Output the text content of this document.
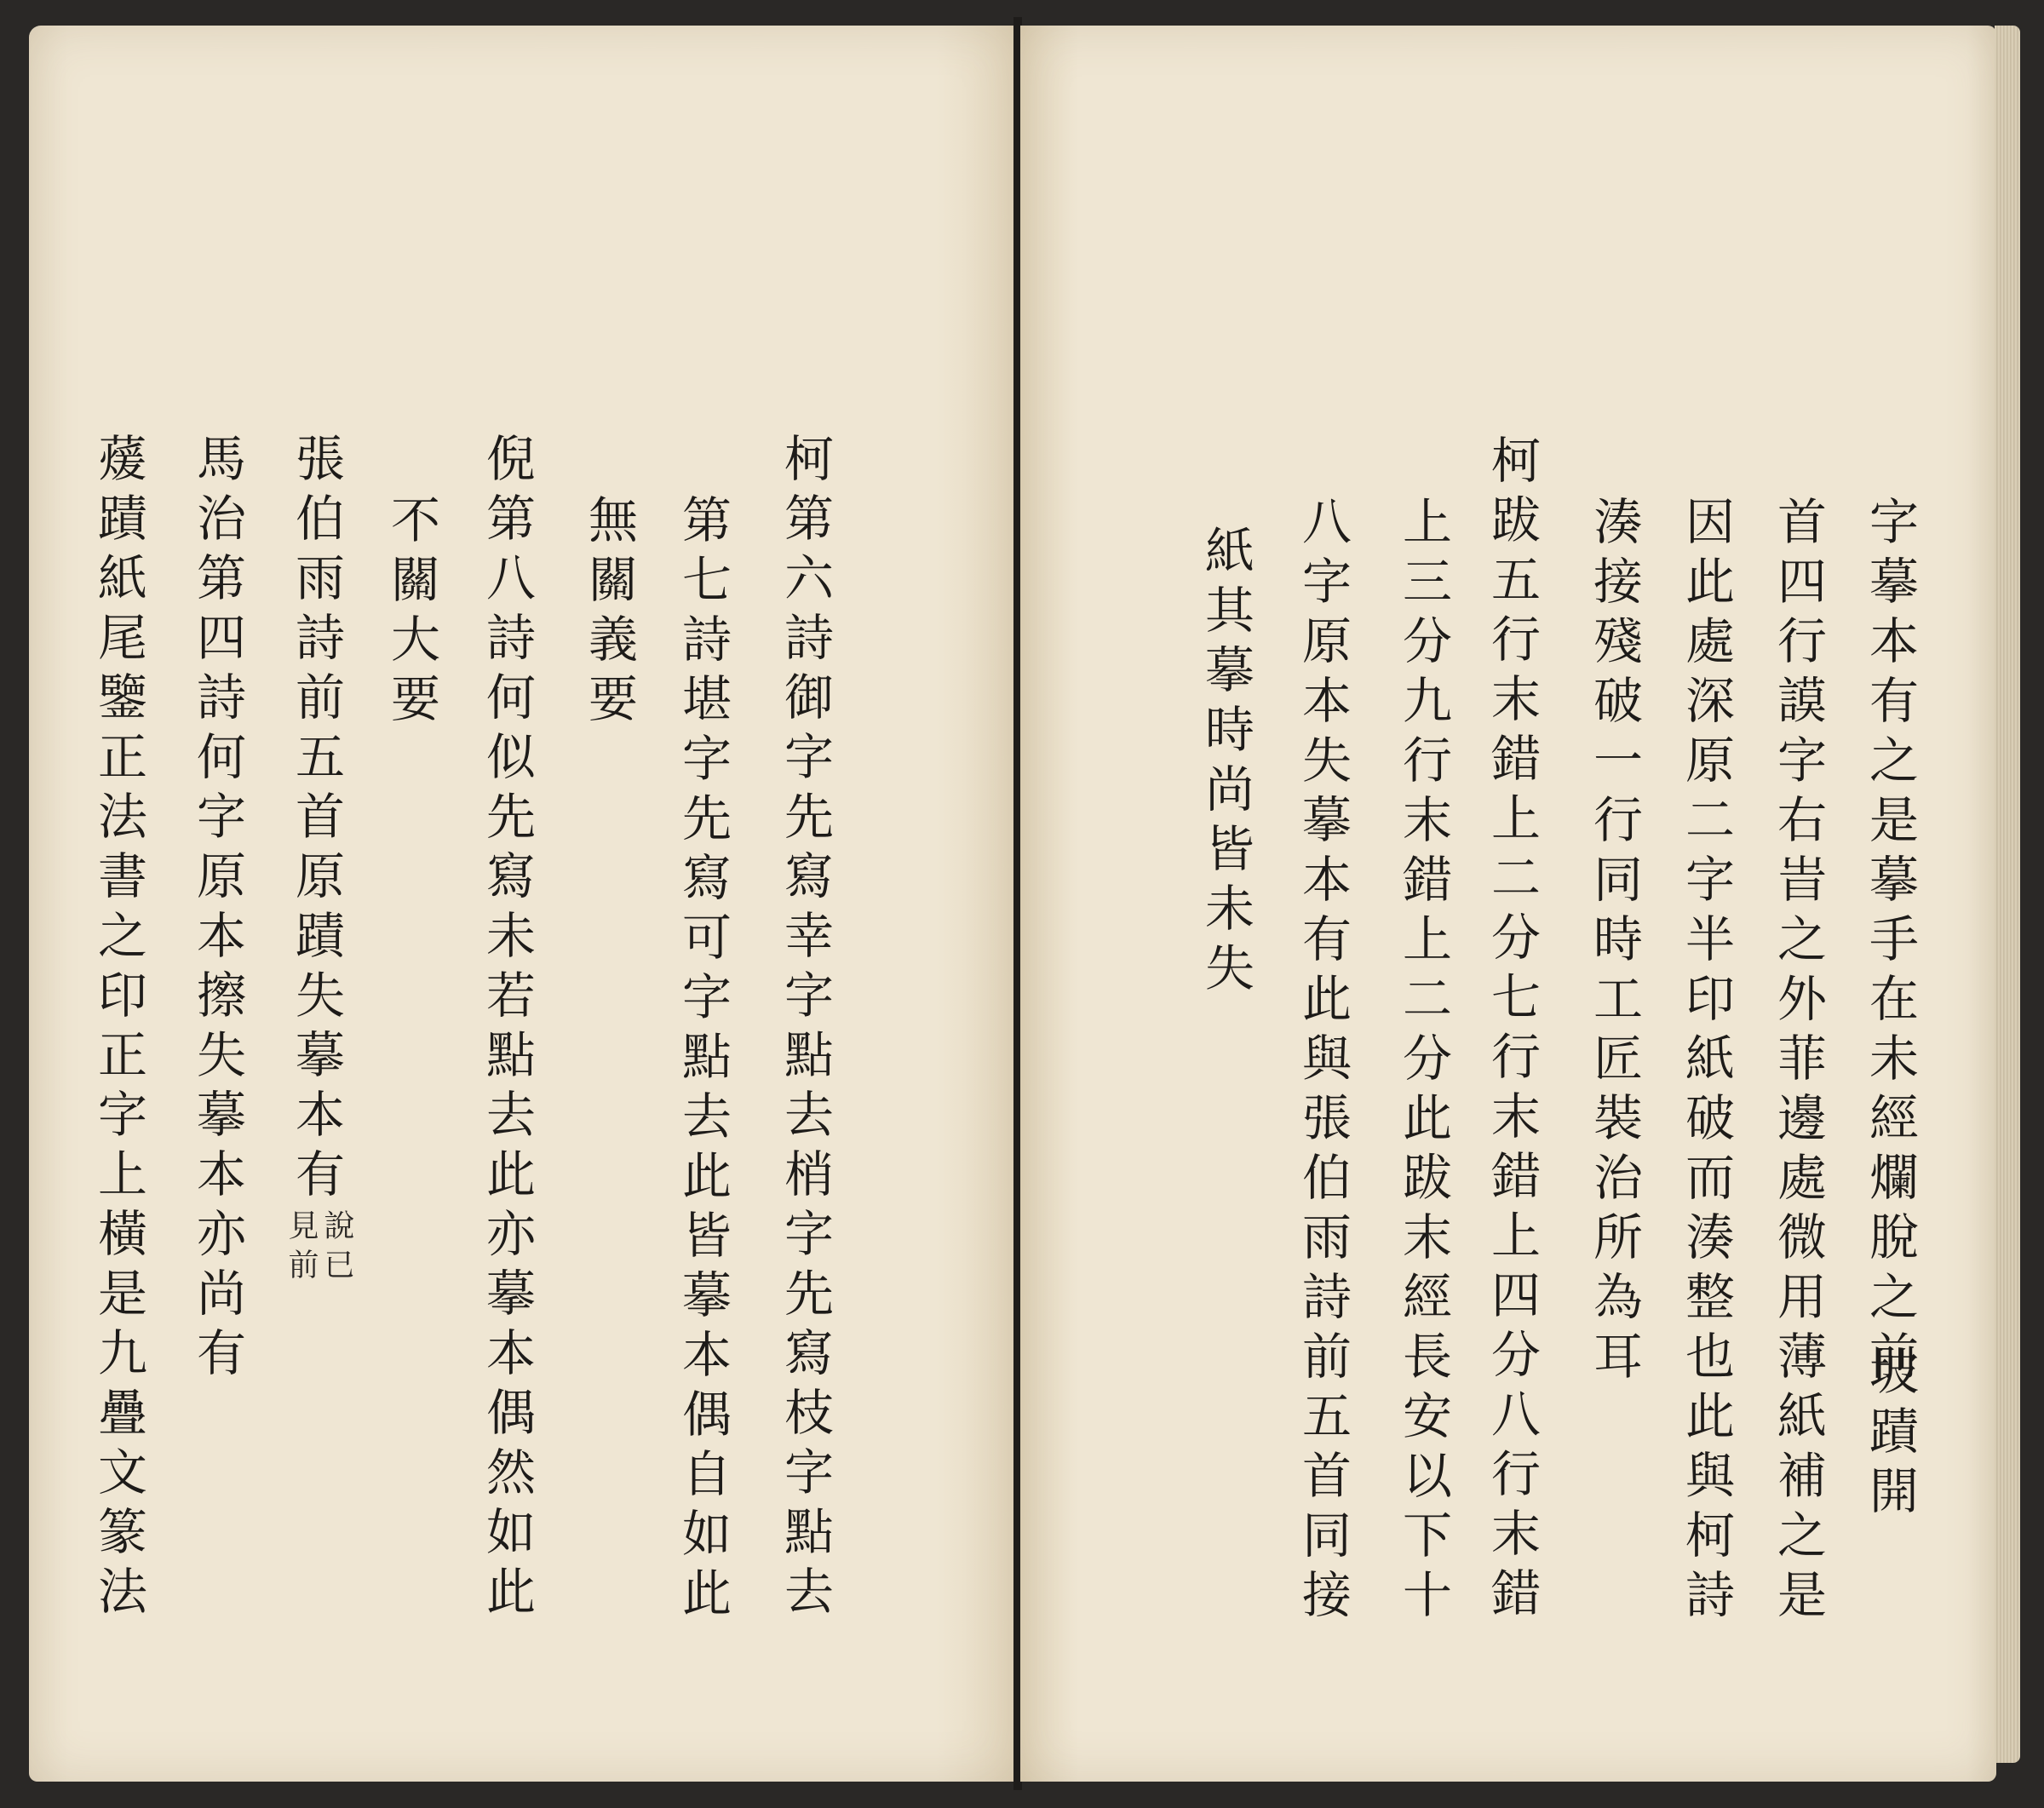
字摹本有之是摹手在未經爛脫之前
坡蹟開
首四行謨字右旹之外菲邊處微用薄紙補之是
因此處深原二字半印紙破而湊整也此與柯詩
湊接殘破一行同時工匠裝治所為耳
柯跋五行末錯上二分七行末錯上四分八行末錯
上三分九行末錯上二分此跋末經長安以下十
八字原本失摹本有此與張伯雨詩前五首同接
紙其摹時尚皆未失
柯第六詩御字先寫幸字點去梢字先寫枝字點去
第七詩堪字先寫可字點去此皆摹本偶自如此
無關義要
倪第八詩何似先寫未若點去此亦摹本偶然如此
不關大要
張伯雨詩前五首原蹟失摹本有
說已
見前
馬治第四詩何字原本擦失摹本亦尚有
蕿蹟紙尾鑒正法書之印正字上橫是九疊文篆法
